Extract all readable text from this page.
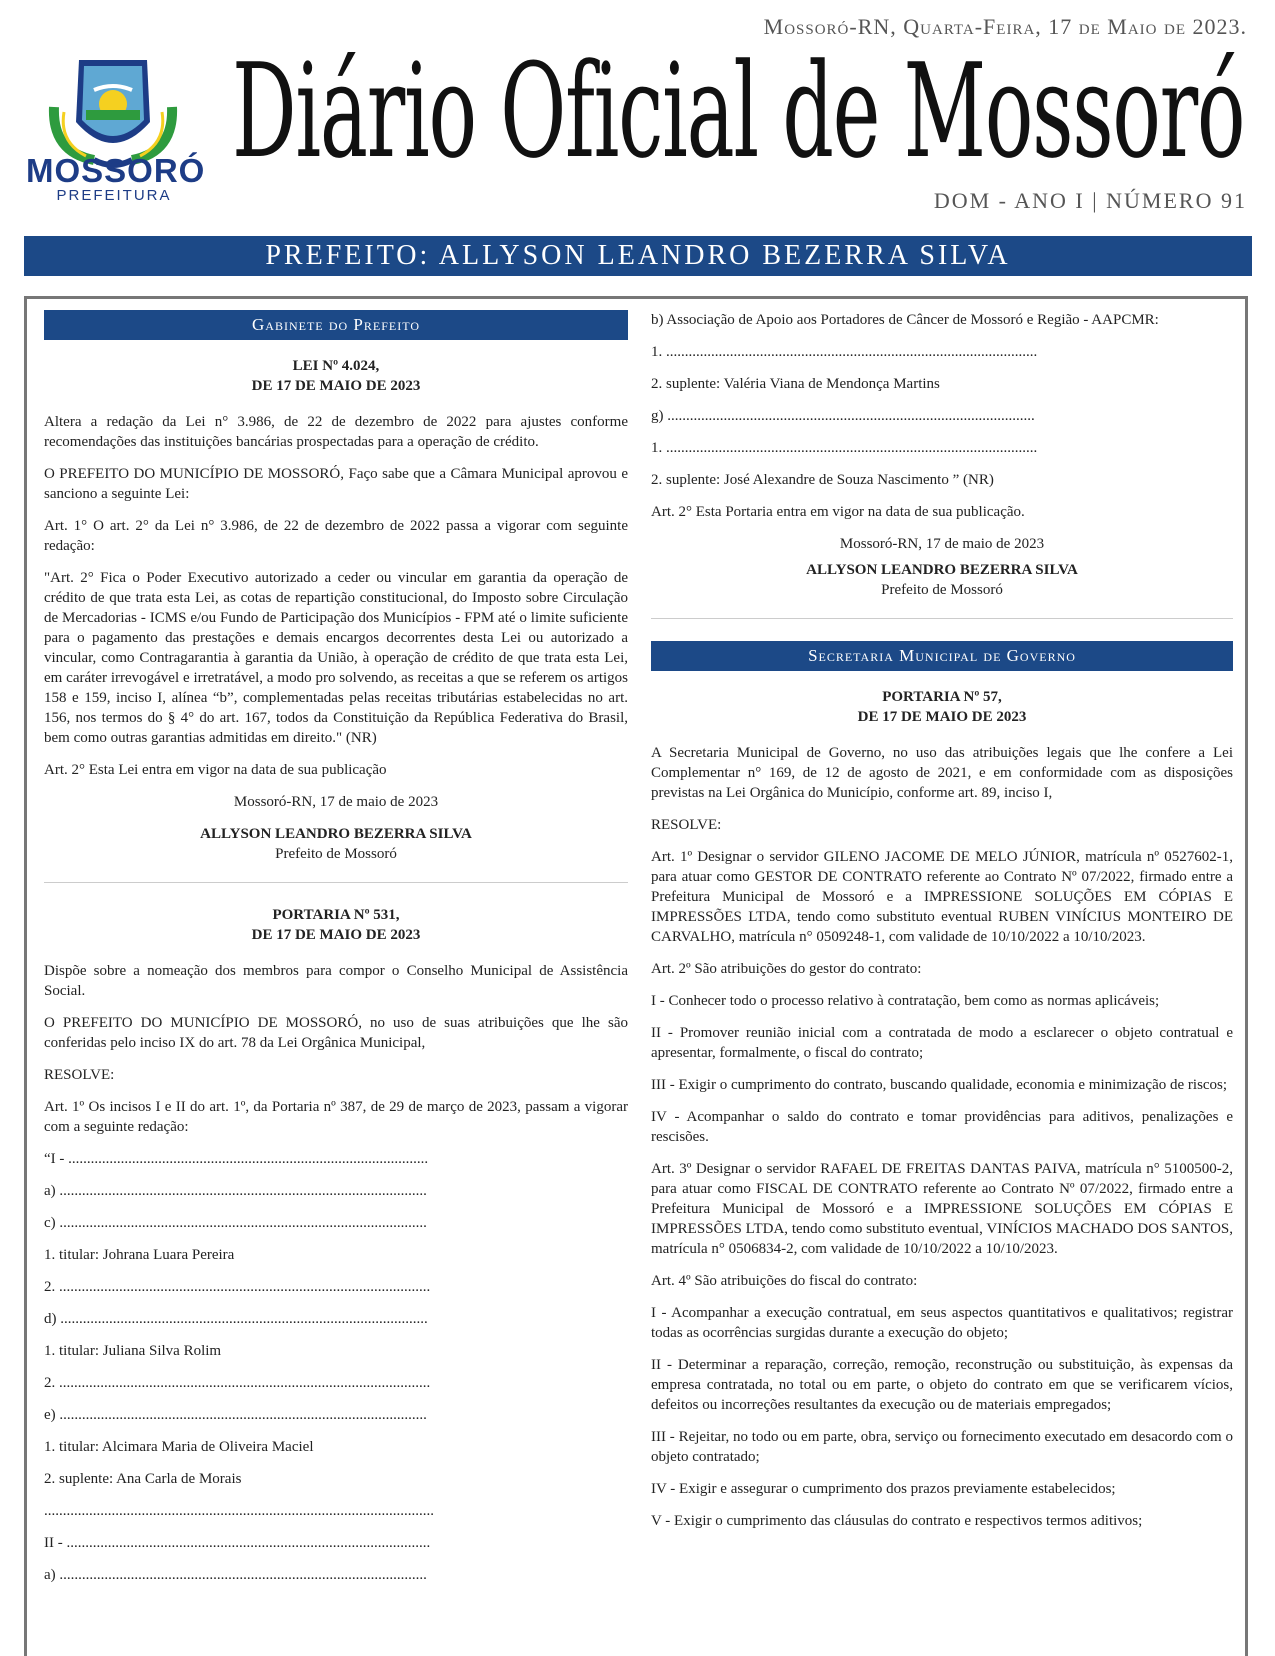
Mossoró-RN, Quarta-Feira, 17 de Maio de 2023.
MOSSORÓ
PREFEITURA
Diário Oficial de Mossoró
DOM - ANO I | NÚMERO 91
PREFEITO: ALLYSON LEANDRO BEZERRA SILVA
Gabinete do Prefeito
LEI Nº 4.024,
DE 17 DE MAIO DE 2023

Altera a redação da Lei n° 3.986, de 22 de dezembro de 2022 para ajustes conforme recomendações das instituições bancárias prospectadas para a operação de crédito.

O PREFEITO DO MUNICÍPIO DE MOSSORÓ, Faço sabe que a Câmara Municipal aprovou e sanciono a seguinte Lei:

Art. 1° O art. 2° da Lei n° 3.986, de 22 de dezembro de 2022 passa a vigorar com seguinte redação:

"Art. 2° Fica o Poder Executivo autorizado a ceder ou vincular em garantia da operação de crédito de que trata esta Lei, as cotas de repartição constitucional, do Imposto sobre Circulação de Mercadorias - ICMS e/ou Fundo de Participação dos Municípios - FPM até o limite suficiente para o pagamento das prestações e demais encargos decorrentes desta Lei ou autorizado a vincular, como Contragarantia à garantia da União, à operação de crédito de que trata esta Lei, em caráter irrevogável e irretratável, a modo pro solvendo, as receitas a que se referem os artigos 158 e 159, inciso I, alínea “b”, complementadas pelas receitas tributárias estabelecidas no art. 156, nos termos do § 4° do art. 167, todos da Constituição da República Federativa do Brasil, bem como outras garantias admitidas em direito." (NR)

Art. 2° Esta Lei entra em vigor na data de sua publicação

Mossoró-RN, 17 de maio de 2023

ALLYSON LEANDRO BEZERRA SILVA
Prefeito de Mossoró
PORTARIA Nº 531,
DE 17 DE MAIO DE 2023

Dispõe sobre a nomeação dos membros para compor o Conselho Municipal de Assistência Social.

O PREFEITO DO MUNICÍPIO DE MOSSORÓ, no uso de suas atribuições que lhe são conferidas pelo inciso IX do art. 78 da Lei Orgânica Municipal,

RESOLVE:

Art. 1º Os incisos I e II do art. 1º, da Portaria nº 387, de 29 de março de 2023, passam a vigorar com a seguinte redação:

“I - ................................................................................................

a) ..................................................................................................

c) ..................................................................................................

1. titular: Johrana Luara Pereira

2. ...................................................................................................

d) ..................................................................................................

1. titular: Juliana Silva Rolim

2. ...................................................................................................

e) ..................................................................................................

1. titular: Alcimara Maria de Oliveira Maciel

2. suplente: Ana Carla de Morais

........................................................................................................

II - .................................................................................................

a) ..................................................................................................

b) Associação de Apoio aos Portadores de Câncer de Mossoró e Região - AAPCMR:

1. ...................................................................................................

2. suplente: Valéria Viana de Mendonça Martins

g) ..................................................................................................

1. ...................................................................................................

2. suplente: José Alexandre de Souza Nascimento ” (NR)

Art. 2° Esta Portaria entra em vigor na data de sua publicação.

Mossoró-RN, 17 de maio de 2023

ALLYSON LEANDRO BEZERRA SILVA
Prefeito de Mossoró
Secretaria Municipal de Governo
PORTARIA Nº 57,
DE 17 DE MAIO DE 2023

A Secretaria Municipal de Governo, no uso das atribuições legais que lhe confere a Lei Complementar n° 169, de 12 de agosto de 2021, e em conformidade com as disposições previstas na Lei Orgânica do Município, conforme art. 89, inciso I,

RESOLVE:

Art. 1º Designar o servidor GILENO JACOME DE MELO JÚNIOR, matrícula nº 0527602-1, para atuar como GESTOR DE CONTRATO referente ao Contrato Nº 07/2022, firmado entre a Prefeitura Municipal de Mossoró e a IMPRESSIONE SOLUÇÕES EM CÓPIAS E IMPRESSÕES LTDA, tendo como substituto eventual RUBEN VINÍCIUS MONTEIRO DE CARVALHO, matrícula n° 0509248-1, com validade de 10/10/2022 a 10/10/2023.

Art. 2º São atribuições do gestor do contrato:

I - Conhecer todo o processo relativo à contratação, bem como as normas aplicáveis;

II - Promover reunião inicial com a contratada de modo a esclarecer o objeto contratual e apresentar, formalmente, o fiscal do contrato;

III - Exigir o cumprimento do contrato, buscando qualidade, economia e minimização de riscos;

IV - Acompanhar o saldo do contrato e tomar providências para aditivos, penalizações e rescisões.

Art. 3º Designar o servidor RAFAEL DE FREITAS DANTAS PAIVA, matrícula n° 5100500-2, para atuar como FISCAL DE CONTRATO referente ao Contrato Nº 07/2022, firmado entre a Prefeitura Municipal de Mossoró e a IMPRESSIONE SOLUÇÕES EM CÓPIAS E IMPRESSÕES LTDA, tendo como substituto eventual, VINÍCIOS MACHADO DOS SANTOS, matrícula n° 0506834-2, com validade de 10/10/2022 a 10/10/2023.

Art. 4º São atribuições do fiscal do contrato:

I - Acompanhar a execução contratual, em seus aspectos quantitativos e qualitativos; registrar todas as ocorrências surgidas durante a execução do objeto;

II - Determinar a reparação, correção, remoção, reconstrução ou substituição, às expensas da empresa contratada, no total ou em parte, o objeto do contrato em que se verificarem vícios, defeitos ou incorreções resultantes da execução ou de materiais empregados;

III - Rejeitar, no todo ou em parte, obra, serviço ou fornecimento executado em desacordo com o objeto contratado;

IV - Exigir e assegurar o cumprimento dos prazos previamente estabelecidos;

V - Exigir o cumprimento das cláusulas do contrato e respectivos termos aditivos;
